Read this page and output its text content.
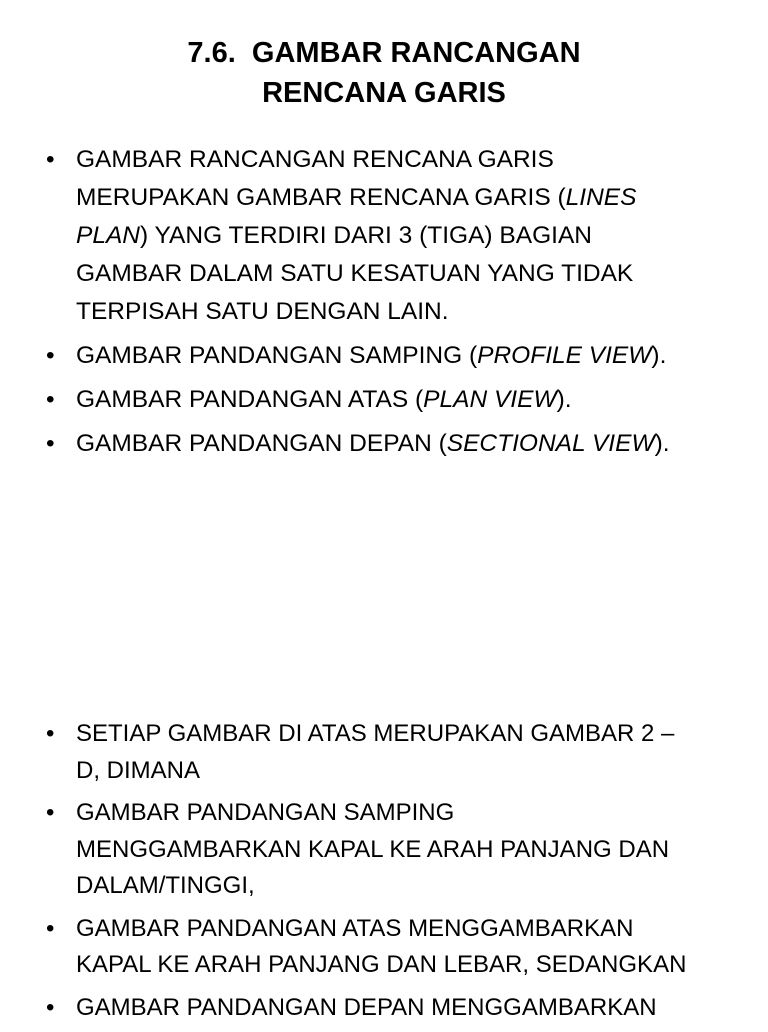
7.6.  GAMBAR RANCANGAN
RENCANA GARIS
• GAMBAR RANCANGAN RENCANA GARIS
MERUPAKAN GAMBAR RENCANA GARIS (LINES
PLAN) YANG TERDIRI DARI 3 (TIGA) BAGIAN
GAMBAR DALAM SATU KESATUAN YANG TIDAK
TERPISAH SATU DENGAN LAIN.
• GAMBAR PANDANGAN SAMPING (PROFILE VIEW).
• GAMBAR PANDANGAN ATAS (PLAN VIEW).
• GAMBAR PANDANGAN DEPAN (SECTIONAL VIEW).
• SETIAP GAMBAR DI ATAS MERUPAKAN GAMBAR 2 –
D, DIMANA
• GAMBAR PANDANGAN SAMPING
MENGGAMBARKAN KAPAL KE ARAH PANJANG DAN
DALAM/TINGGI,
• GAMBAR PANDANGAN ATAS MENGGAMBARKAN
KAPAL KE ARAH PANJANG DAN LEBAR, SEDANGKAN
• GAMBAR PANDANGAN DEPAN MENGGAMBARKAN
